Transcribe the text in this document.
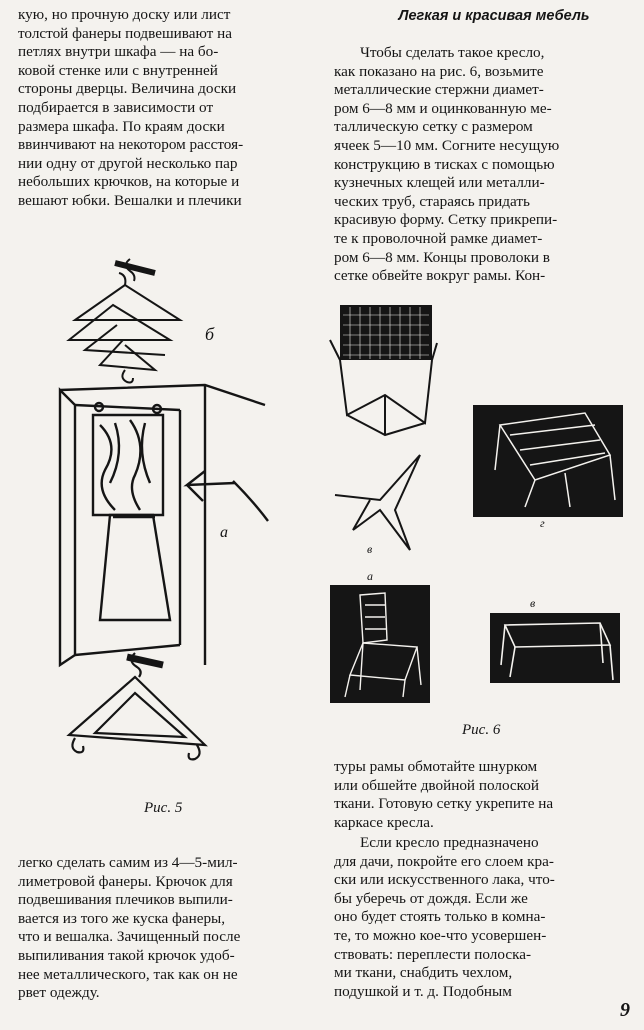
кую, но прочную доску или лист
толстой фанеры подвешивают на
петлях внутри шкафа — на бо-
ковой стенке или с внутренней
стороны дверцы. Величина доски
подбирается в зависимости от
размера шкафа. По краям доски
ввинчивают на некотором расстоя-
нии одну от другой несколько пар
небольших крючков, на которые и
вешают юбки. Вешалки и плечики

Легкая и красивая мебель

Чтобы сделать такое кресло,
как показано на рис. 6, возьмите
металлические стержни диамет-
ром 6—8 мм и оцинкованную ме-
таллическую сетку с размером
ячеек 5—10 мм. Согните несущую
конструкцию в тисках с помощью
кузнечных клещей или металли-
ческих труб, стараясь придать
красивую форму. Сетку прикрепи-
те к проволочной рамке диамет-
ром 6—8 мм. Концы проволоки в
сетке обвейте вокруг рамы. Кон-

б
а

Рис. 5

в
г
а
в

Рис. 6

легко сделать самим из 4—5-мил-
лиметровой фанеры. Крючок для
подвешивания плечиков выпили-
вается из того же куска фанеры,
что и вешалка. Зачищенный после
выпиливания такой крючок удоб-
нее металлического, так как он не
рвет одежду.

туры рамы обмотайте шнурком
или обшейте двойной полоской
ткани. Готовую сетку укрепите на
каркасе кресла.

Если кресло предназначено
для дачи, покройте его слоем кра-
ски или искусственного лака, что-
бы уберечь от дождя. Если же
оно будет стоять только в комна-
те, то можно кое-что усовершен-
ствовать: переплести полоска-
ми ткани, снабдить чехлом,
подушкой и т. д. Подобным

9
